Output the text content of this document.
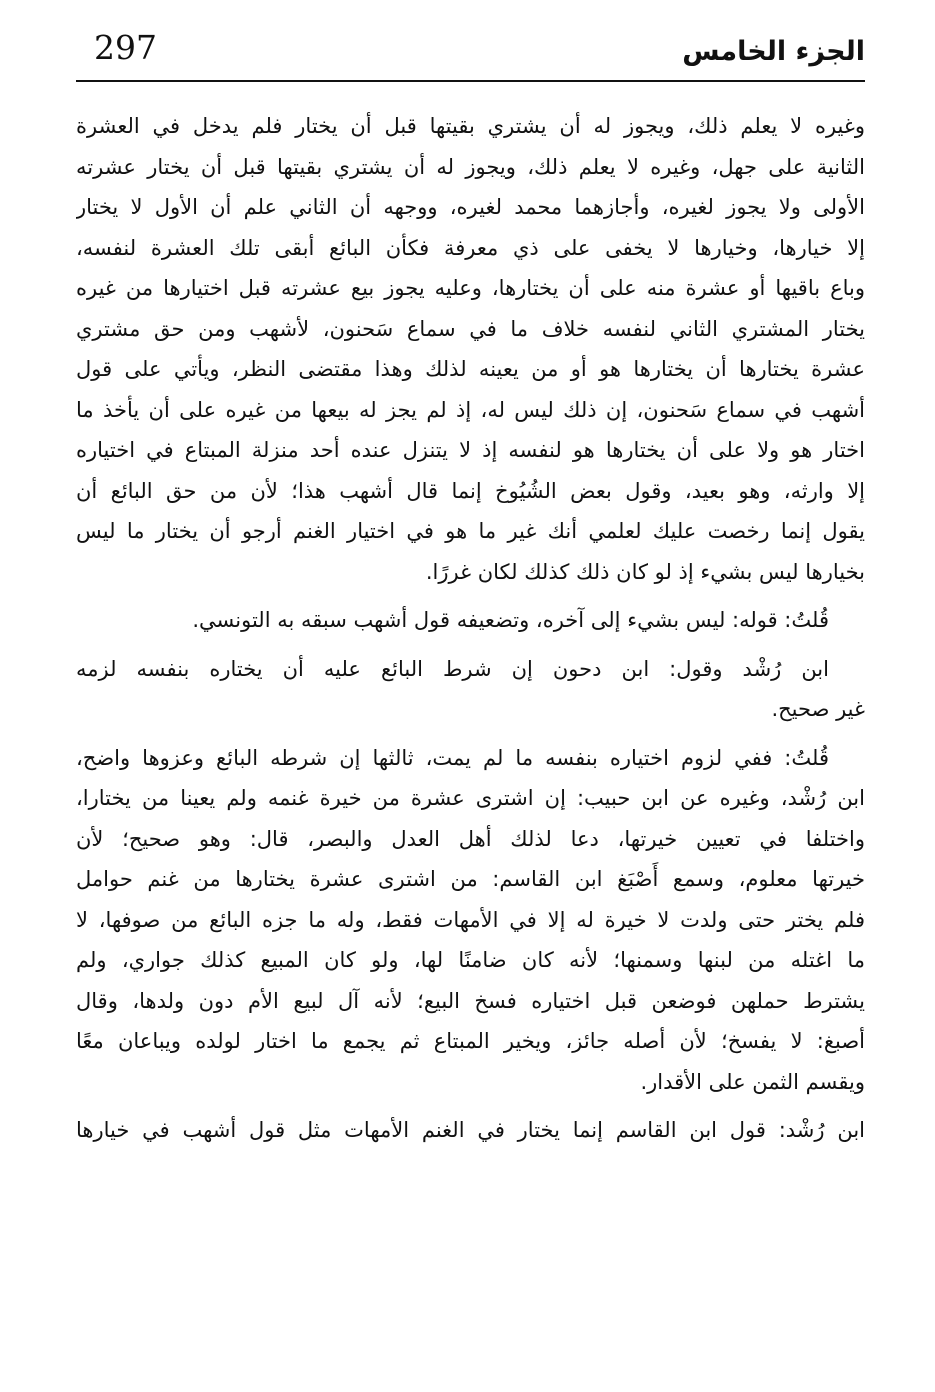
الجزء الخامس
297
وغيره لا يعلم ذلك، ويجوز له أن يشتري بقيتها قبل أن يختار فلم يدخل في العشرة
الثانية على جهل، وغيره لا يعلم ذلك، ويجوز له أن يشتري بقيتها قبل أن يختار عشرته
الأولى ولا يجوز لغيره، وأجازهما محمد لغيره، ووجهه أن الثاني علم أن الأول لا يختار
إلا خيارها، وخيارها لا يخفى على ذي معرفة فكأن البائع أبقى تلك العشرة لنفسه،
وباع باقيها أو عشرة منه على أن يختارها، وعليه يجوز بيع عشرته قبل اختيارها من غيره
يختار المشتري الثاني لنفسه خلاف ما في سماع سَحنون، لأشهب ومن حق مشتري
عشرة يختارها أن يختارها هو أو من يعينه لذلك وهذا مقتضى النظر، ويأتي على قول
أشهب في سماع سَحنون، إن ذلك ليس له، إذ لم يجز له بيعها من غيره على أن يأخذ ما
اختار هو ولا على أن يختارها هو لنفسه إذ لا يتنزل عنده أحد منزلة المبتاع في اختياره
إلا وارثه، وهو بعيد، وقول بعض الشُيُوخ إنما قال أشهب هذا؛ لأن من حق البائع أن
يقول إنما رخصت عليك لعلمي أنك غير ما هو في اختيار الغنم أرجو أن يختار ما ليس
بخيارها ليس بشيء إذ لو كان ذلك كذلك لكان غررًا.
قُلتُ: قوله: ليس بشيء إلى آخره، وتضعيفه قول أشهب سبقه به التونسي.
ابن رُشْد وقول: ابن دحون إن شرط البائع عليه أن يختاره بنفسه لزمه
غير صحيح.
قُلتُ: ففي لزوم اختياره بنفسه ما لم يمت، ثالثها إن شرطه البائع وعزوها واضح،
ابن رُشْد، وغيره عن ابن حبيب: إن اشترى عشرة من خيرة غنمه ولم يعينا من يختارا،
واختلفا في تعيين خيرتها، دعا لذلك أهل العدل والبصر، قال: وهو صحيح؛ لأن
خيرتها معلوم، وسمع أَصْبَغ ابن القاسم: من اشترى عشرة يختارها من غنم حوامل
فلم يختر حتى ولدت لا خيرة له إلا في الأمهات فقط، وله ما جزه البائع من صوفها، لا
ما اغتله من لبنها وسمنها؛ لأنه كان ضامنًا لها، ولو كان المبيع كذلك جواري، ولم
يشترط حملهن فوضعن قبل اختياره فسخ البيع؛ لأنه آل لبيع الأم دون ولدها، وقال
أصبغ: لا يفسخ؛ لأن أصله جائز، ويخير المبتاع ثم يجمع ما اختار لولده ويباعان معًا
ويقسم الثمن على الأقدار.
ابن رُشْد: قول ابن القاسم إنما يختار في الغنم الأمهات مثل قول أشهب في خيارها
